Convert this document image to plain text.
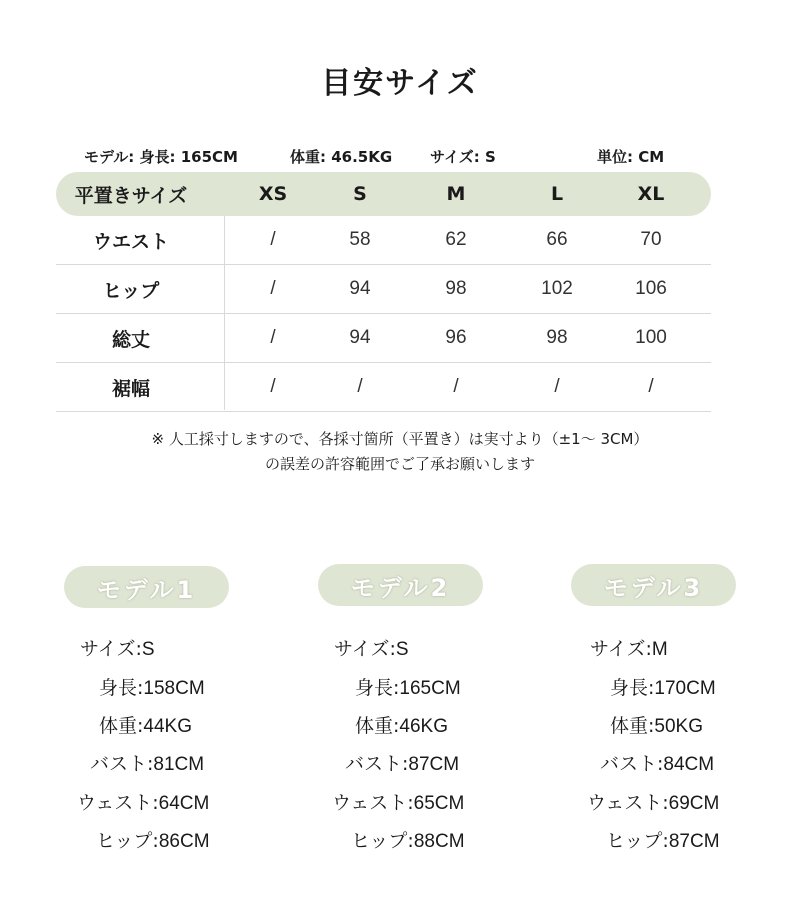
目安サイズ
モデル: 身長: 165CM	体重: 46.5KG	サイズ: S	単位: CM
平置きサイズ	XS	S	M	L	XL
ウエスト	/	58	62	66	70
ヒップ	/	94	98	102	106
総丈	/	94	96	98	100
裾幅	/	/	/	/	/
※ 人工採寸しますので、各採寸箇所（平置き）は実寸より（±1～ 3CM）
の誤差の許容範囲でご了承お願いします
モデル1
サイズ:S
身長:158CM
体重:44KG
バスト:81CM
ウェスト:64CM
ヒップ:86CM
モデル2
サイズ:S
身長:165CM
体重:46KG
バスト:87CM
ウェスト:65CM
ヒップ:88CM
モデル3
サイズ:M
身長:170CM
体重:50KG
バスト:84CM
ウェスト:69CM
ヒップ:87CM
